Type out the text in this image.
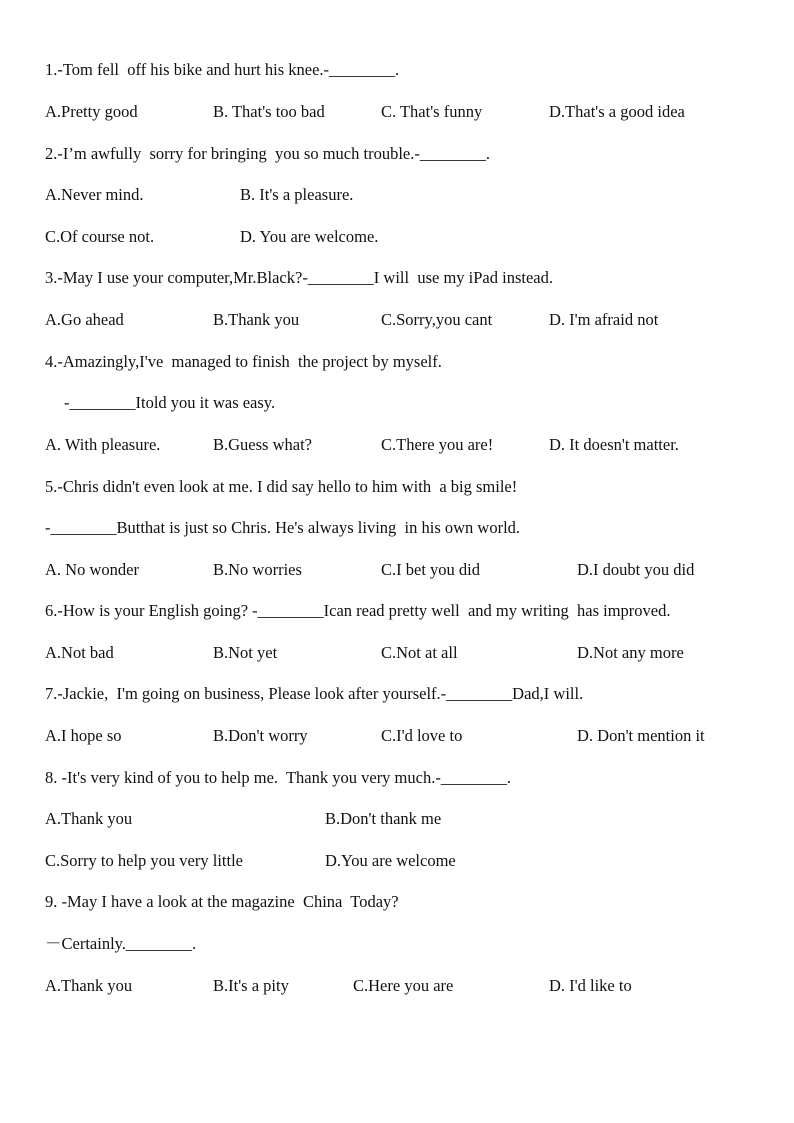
1.-Tom fell  off his bike and hurt his knee.-________.
A.Pretty good	B. That's too bad	C. That's funny	D.That's a good idea
2.-I’m awfully  sorry for bringing  you so much trouble.-________.
A.Never mind.	B. It's a pleasure.
C.Of course not.	D. You are welcome.
3.-May I use your computer,Mr.Black?-________I will  use my iPad instead.
A.Go ahead	B.Thank you	C.Sorry,you cant	D. I'm afraid not
4.-Amazingly,I've  managed to finish  the project by myself.
-________Itold you it was easy.
A. With pleasure.	B.Guess what?	C.There you are!	D. It doesn't matter.
5.-Chris didn't even look at me. I did say hello to him with  a big smile!
-________Butthat is just so Chris. He's always living  in his own world.
A. No wonder	B.No worries	C.I bet you did	D.I doubt you did
6.-How is your English going? -________Ican read pretty well  and my writing  has improved.
A.Not bad	B.Not yet	C.Not at all	D.Not any more
7.-Jackie,  I'm going on business, Please look after yourself.-________Dad,I will.
A.I hope so	B.Don't worry	C.I'd love to	D. Don't mention it
8. -It's very kind of you to help me.  Thank you very much.-________.
A.Thank you	B.Don't thank me
C.Sorry to help you very little	D.You are welcome
9. -May I have a look at the magazine  China  Today?
－Certainly.________.
A.Thank you	B.It's a pity	C.Here you are	D. I'd like to
